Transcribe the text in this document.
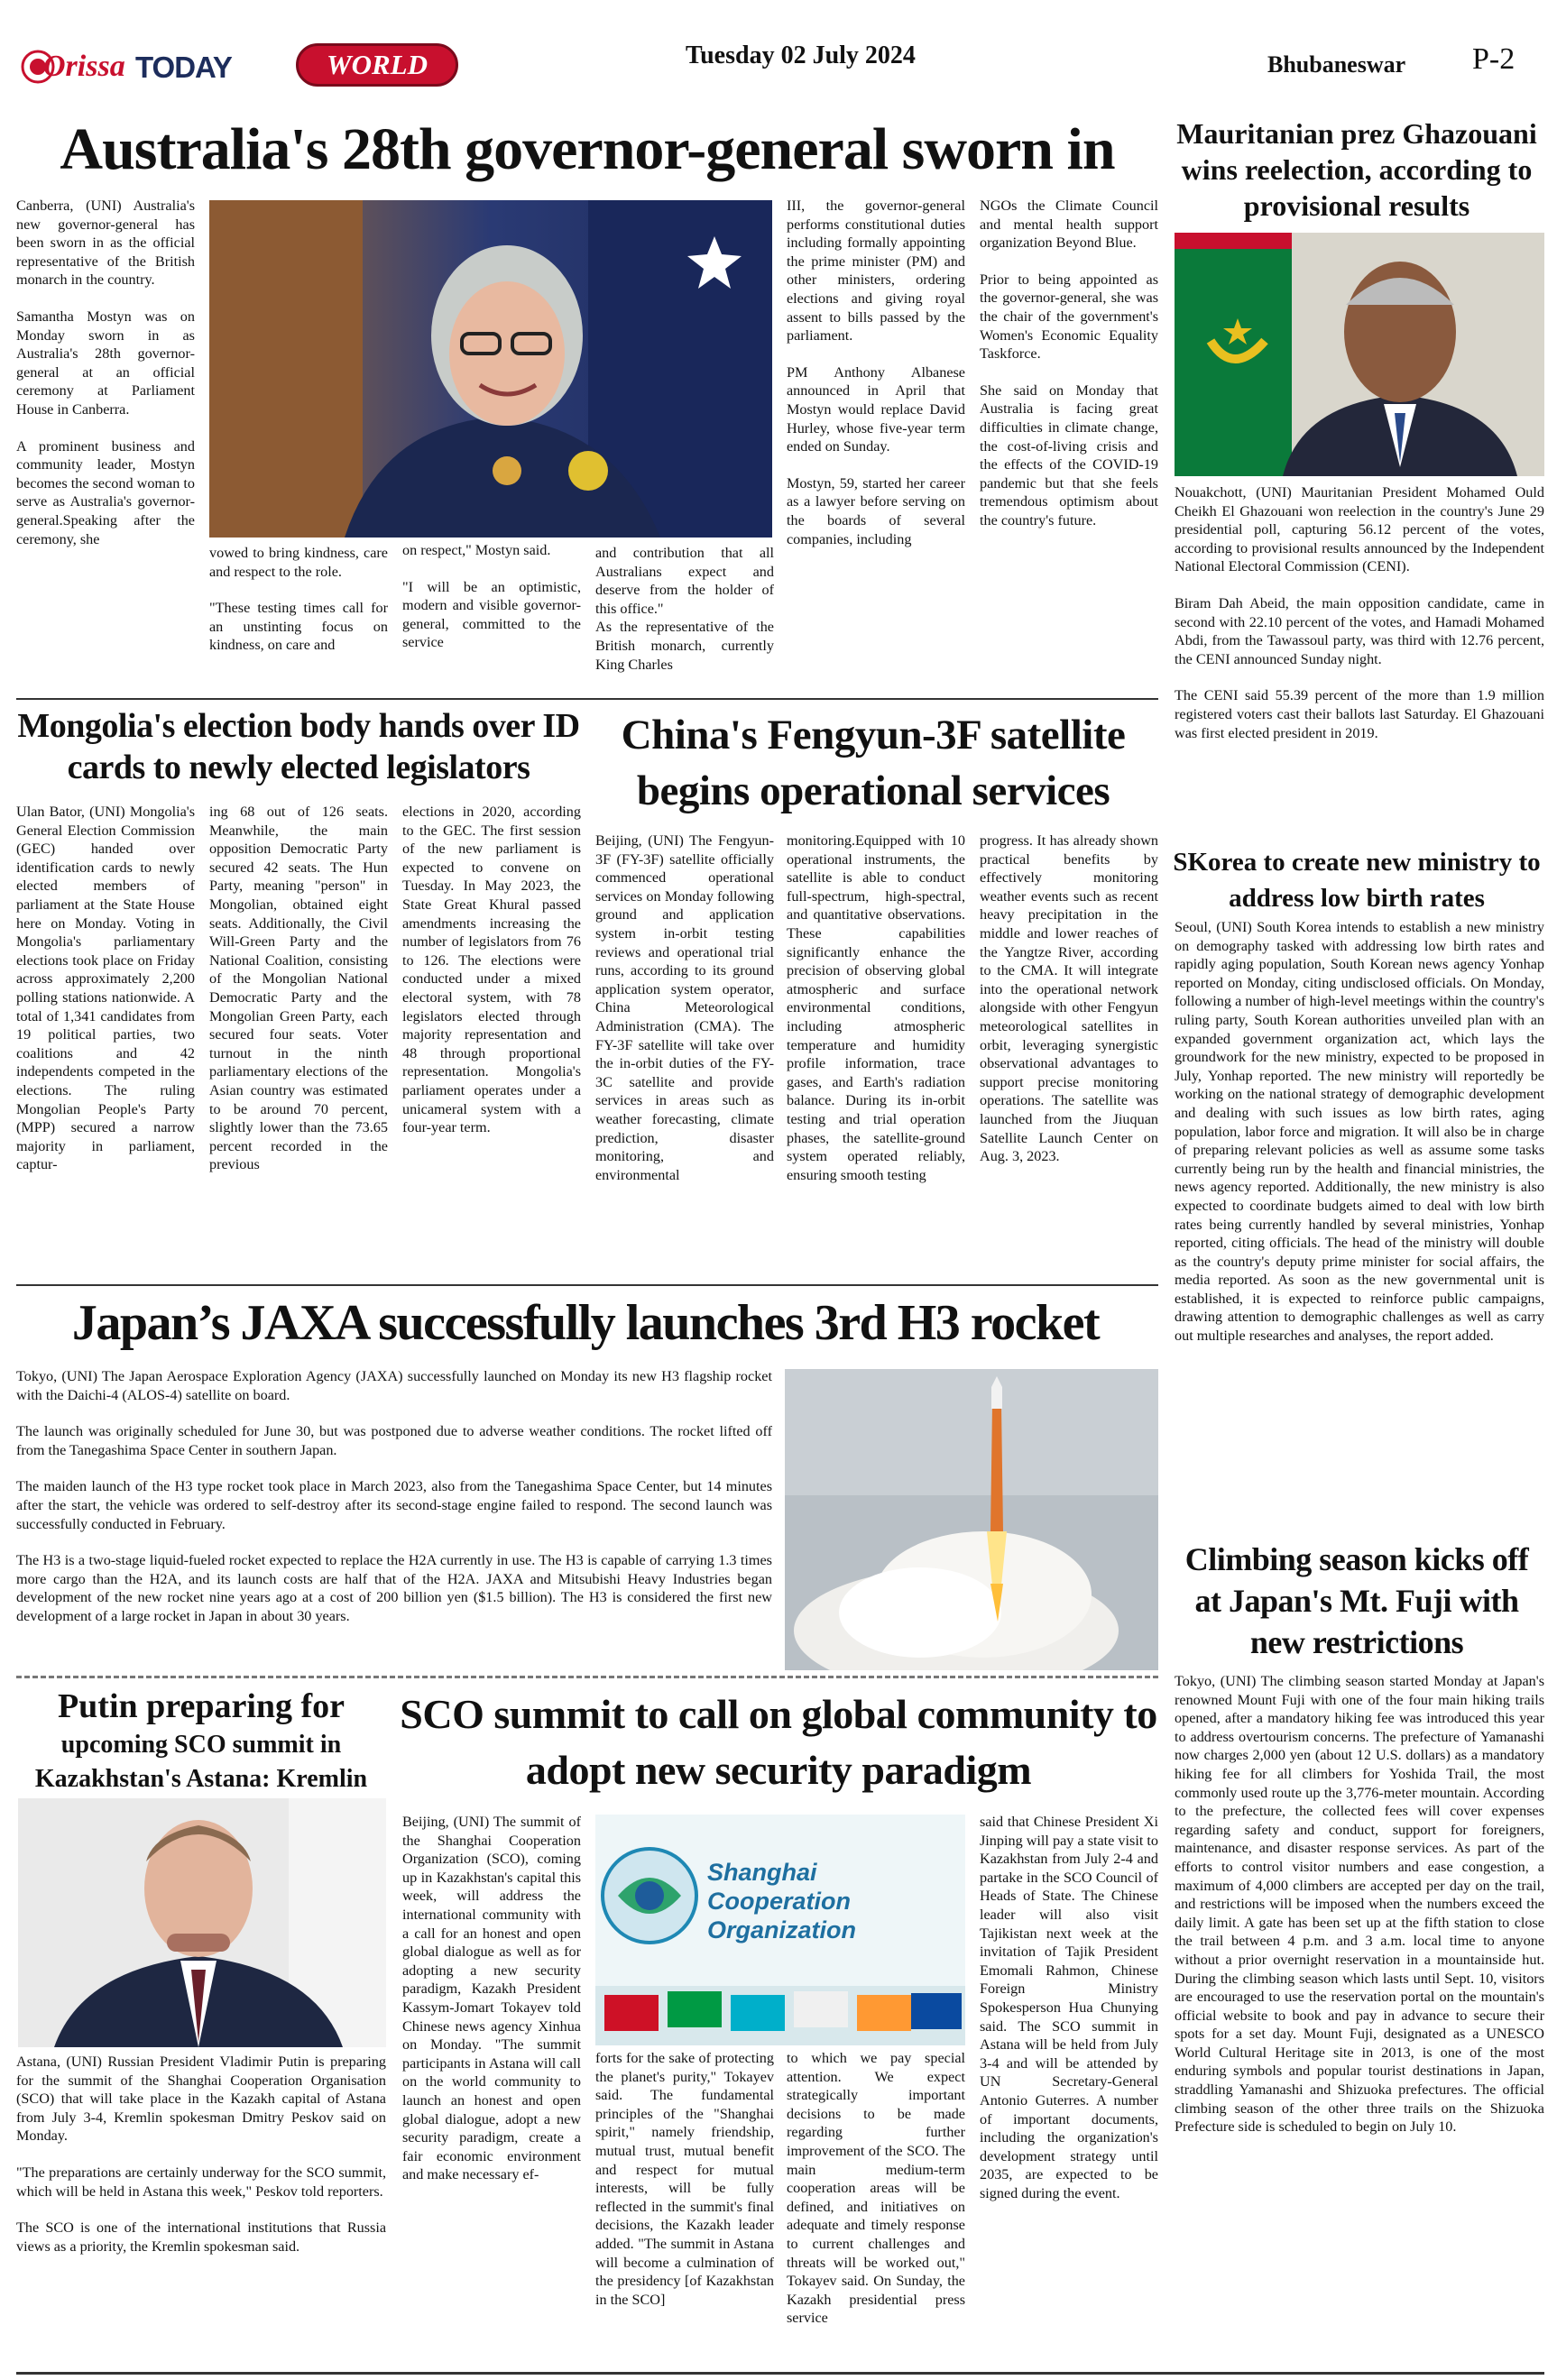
Orissa TODAY	WORLD	Tuesday 02 July 2024	Bhubaneswar P-2
Australia's 28th governor-general sworn in

Canberra, (UNI) Australia's new governor-general has been sworn in as the official representative of the British monarch in the country.

Samantha Mostyn was on Monday sworn in as Australia's 28th governor-general at an official ceremony at Parliament House in Canberra.

A prominent business and community leader, Mostyn becomes the second woman to serve as Australia's governor-general.Speaking after the ceremony, she

vowed to bring kindness, care and respect to the role.

"These testing times call for an unstinting focus on kindness, on care and

on respect," Mostyn said.

"I will be an optimistic, modern and visible governor-general, committed to the service

and contribution that all Australians expect and deserve from the holder of this office."

As the representative of the British monarch, currently King Charles

III, the governor-general performs constitutional duties including formally appointing the prime minister (PM) and other ministers, ordering elections and giving royal assent to bills passed by the parliament.

PM Anthony Albanese announced in April that Mostyn would replace David Hurley, whose five-year term ended on Sunday.

Mostyn, 59, started her career as a lawyer before serving on the boards of several companies, including

NGOs the Climate Council and mental health support organization Beyond Blue.

Prior to being appointed as the governor-general, she was the chair of the government's Women's Economic Equality Taskforce.

She said on Monday that Australia is facing great difficulties in climate change, the cost-of-living crisis and the effects of the COVID-19 pandemic but that she feels tremendous optimism about the country's future.

Mauritanian prez Ghazouani wins reelection, according to provisional results

Nouakchott, (UNI) Mauritanian President Mohamed Ould Cheikh El Ghazouani won reelection in the country's June 29 presidential poll, capturing 56.12 percent of the votes, according to provisional results announced by the Independent National Electoral Commission (CENI).

Biram Dah Abeid, the main opposition candidate, came in second with 22.10 percent of the votes, and Hamadi Mohamed Abdi, from the Tawassoul party, was third with 12.76 percent, the CENI announced Sunday night.

The CENI said 55.39 percent of the more than 1.9 million registered voters cast their ballots last Saturday. El Ghazouani was first elected president in 2019.

Mongolia's election body hands over ID cards to newly elected legislators
Ulan Bator, (UNI) Mongolia's General Election Commission (GEC) handed over identification cards to newly elected members of parliament at the State House here on Monday. Voting in Mongolia's parliamentary elections took place on Friday across approximately 2,200 polling stations nationwide. A total of 1,341 candidates from 19 political parties, two coalitions and 42 independents competed in the elections. The ruling Mongolian People's Party (MPP) secured a narrow majority in parliament, captur-
ing 68 out of 126 seats. Meanwhile, the main opposition Democratic Party secured 42 seats. The Hun Party, meaning "person" in Mongolian, obtained eight seats. Additionally, the Civil Will-Green Party and the National Coalition, consisting of the Mongolian National Democratic Party and the Mongolian Green Party, each secured four seats. Voter turnout in the ninth parliamentary elections of the Asian country was estimated to be around 70 percent, slightly lower than the 73.65 percent recorded in the previous
elections in 2020, according to the GEC. The first session of the new parliament is expected to convene on Tuesday. In May 2023, the State Great Khural passed amendments increasing the number of legislators from 76 to 126. The elections were conducted under a mixed electoral system, with 78 legislators elected through majority representation and 48 through proportional representation. Mongolia's parliament operates under a unicameral system with a four-year term.
China's Fengyun-3F satellite begins operational services
Beijing, (UNI) The Fengyun-3F (FY-3F) satellite officially commenced operational services on Monday following ground and application system in-orbit testing reviews and operational trial runs, according to its ground application system operator, China Meteorological Administration (CMA). The FY-3F satellite will take over the in-orbit duties of the FY-3C satellite and provide services in areas such as weather forecasting, climate prediction, disaster monitoring, and environmental
monitoring.Equipped with 10 operational instruments, the satellite is able to conduct full-spectrum, high-spectral, and quantitative observations. These capabilities significantly enhance the precision of observing global atmospheric and surface environmental conditions, including atmospheric temperature and humidity profile information, trace gases, and Earth's radiation balance. During its in-orbit testing and trial operation phases, the satellite-ground system operated reliably, ensuring smooth testing
progress. It has already shown practical benefits by effectively monitoring weather events such as recent heavy precipitation in the middle and lower reaches of the Yangtze River, according to the CMA. It will integrate into the operational network alongside with other Fengyun meteorological satellites in orbit, leveraging synergistic observational advantages to support precise monitoring operations. The satellite was launched from the Jiuquan Satellite Launch Center on Aug. 3, 2023.
SKorea to create new ministry to address low birth rates
Seoul, (UNI) South Korea intends to establish a new ministry on demography tasked with addressing low birth rates and rapidly aging population, South Korean news agency Yonhap reported on Monday, citing undisclosed officials. On Monday, following a number of high-level meetings within the country's ruling party, South Korean authorities unveiled plan with an expanded government organization act, which lays the groundwork for the new ministry, expected to be proposed in July, Yonhap reported. The new ministry will reportedly be working on the national strategy of demographic development and dealing with such issues as low birth rates, aging population, labor force and migration. It will also be in charge of preparing relevant policies as well as assume some tasks currently being run by the health and financial ministries, the news agency reported. Additionally, the new ministry is also expected to coordinate budgets aimed to deal with low birth rates being currently handled by several ministries, Yonhap reported, citing officials. The head of the ministry will double as the country's deputy prime minister for social affairs, the media reported. As soon as the new governmental unit is established, it is expected to reinforce public campaigns, drawing attention to demographic challenges as well as carry out multiple researches and analyses, the report added.
Japan’s JAXA successfully launches 3rd H3 rocket

Tokyo, (UNI) The Japan Aerospace Exploration Agency (JAXA) successfully launched on Monday its new H3 flagship rocket with the Daichi-4 (ALOS-4) satellite on board.

The launch was originally scheduled for June 30, but was postponed due to adverse weather conditions. The rocket lifted off from the Tanegashima Space Center in southern Japan.

The maiden launch of the H3 type rocket took place in March 2023, also from the Tanegashima Space Center, but 14 minutes after the start, the vehicle was ordered to self-destroy after its second-stage engine failed to respond. The second launch was successfully conducted in February.

The H3 is a two-stage liquid-fueled rocket expected to replace the H2A currently in use. The H3 is capable of carrying 1.3 times more cargo than the H2A, and its launch costs are half that of the H2A. JAXA and Mitsubishi Heavy Industries began development of the new rocket nine years ago at a cost of 200 billion yen ($1.5 billion). The H3 is considered the first new development of a large rocket in Japan in about 30 years.

Climbing season kicks off at Japan's Mt. Fuji with new restrictions
Tokyo, (UNI) The climbing season started Monday at Japan's renowned Mount Fuji with one of the four main hiking trails opened, after a mandatory hiking fee was introduced this year to address overtourism concerns. The prefecture of Yamanashi now charges 2,000 yen (about 12 U.S. dollars) as a mandatory hiking fee for all climbers for Yoshida Trail, the most commonly used route up the 3,776-meter mountain. According to the prefecture, the collected fees will cover expenses regarding safety and conduct, support for foreigners, maintenance, and disaster response services. As part of the efforts to control visitor numbers and ease congestion, a maximum of 4,000 climbers are accepted per day on the trail, and restrictions will be imposed when the numbers exceed the daily limit. A gate has been set up at the fifth station to close the trail between 4 p.m. and 3 a.m. local time to anyone without a prior overnight reservation in a mountainside hut. During the climbing season which lasts until Sept. 10, visitors are encouraged to use the reservation portal on the mountain's official website to book and pay in advance to secure their spots for a set day. Mount Fuji, designated as a UNESCO World Cultural Heritage site in 2013, is one of the most enduring symbols and popular tourist destinations in Japan, straddling Yamanashi and Shizuoka prefectures. The official climbing season of the other three trails on the Shizuoka Prefecture side is scheduled to begin on July 10.
Putin preparing for
upcoming SCO summit in Kazakhstan's Astana: Kremlin

Astana, (UNI) Russian President Vladimir Putin is preparing for the summit of the Shanghai Cooperation Organisation (SCO) that will take place in the Kazakh capital of Astana from July 3-4, Kremlin spokesman Dmitry Peskov said on Monday.

"The preparations are certainly underway for the SCO summit, which will be held in Astana this week," Peskov told reporters.

The SCO is one of the international institutions that Russia views as a priority, the Kremlin spokesman said.

SCO summit to call on global community to adopt new security paradigm
Beijing, (UNI) The summit of the Shanghai Cooperation Organization (SCO), coming up in Kazakhstan's capital this week, will address the international community with a call for an honest and open global dialogue as well as for adopting a new security paradigm, Kazakh President Kassym-Jomart Tokayev told Chinese news agency Xinhua on Monday. "The summit participants in Astana will call on the world community to launch an honest and open global dialogue, adopt a new security paradigm, create a fair economic environment and make necessary ef-
Shanghai Cooperation
Organization
forts for the sake of protecting the planet's purity," Tokayev said. The fundamental principles of the "Shanghai spirit," namely friendship, mutual trust, mutual benefit and respect for mutual interests, will be fully reflected in the summit's final decisions, the Kazakh leader added. "The summit in Astana will become a culmination of the presidency [of Kazakhstan in the SCO]
to which we pay special attention. We expect strategically important decisions to be made regarding further improvement of the SCO. The main medium-term cooperation areas will be defined, and initiatives on adequate and timely response to current challenges and threats will be worked out," Tokayev said. On Sunday, the Kazakh presidential press service
said that Chinese President Xi Jinping will pay a state visit to Kazakhstan from July 2-4 and partake in the SCO Council of Heads of State. The Chinese leader will also visit Tajikistan next week at the invitation of Tajik President Emomali Rahmon, Chinese Foreign Ministry Spokesperson Hua Chunying said. The SCO summit in Astana will be held from July 3-4 and will be attended by UN Secretary-General Antonio Guterres. A number of important documents, including the organization's development strategy until 2035, are expected to be signed during the event.
